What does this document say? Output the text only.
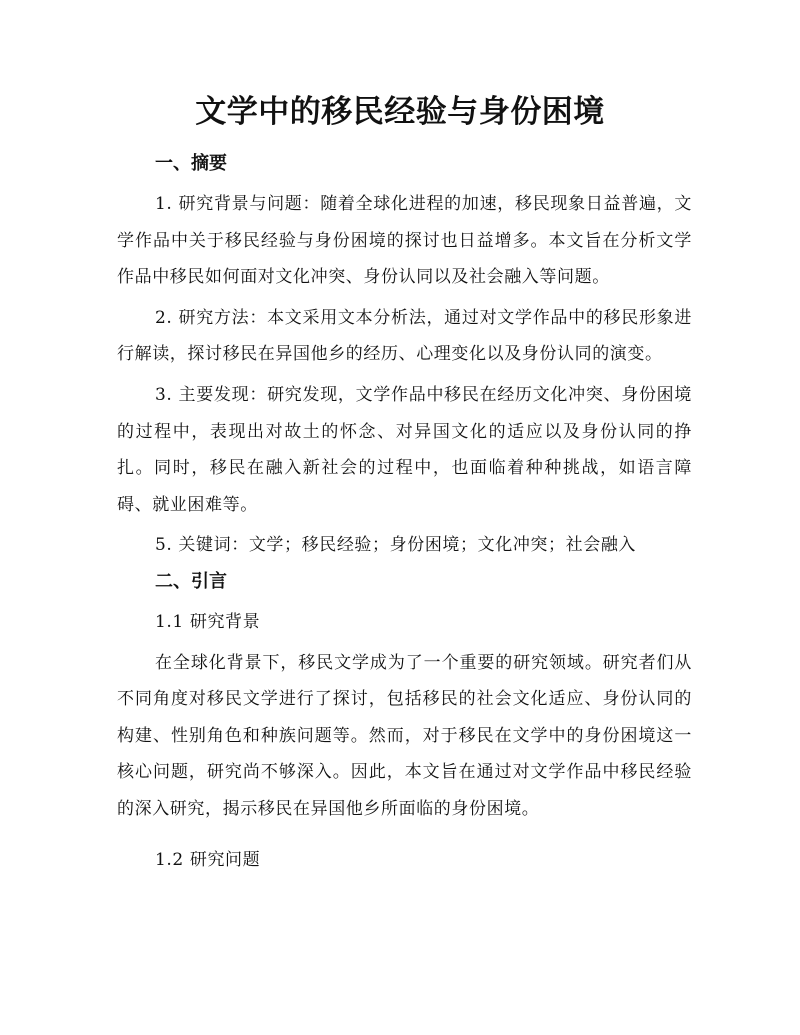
文学中的移民经验与身份困境
一、摘要

1. 研究背景与问题：随着全球化进程的加速，移民现象日益普遍，文学作品中关于移民经验与身份困境的探讨也日益增多。本文旨在分析文学作品中移民如何面对文化冲突、身份认同以及社会融入等问题。

2. 研究方法：本文采用文本分析法，通过对文学作品中的移民形象进行解读，探讨移民在异国他乡的经历、心理变化以及身份认同的演变。

3. 主要发现：研究发现，文学作品中移民在经历文化冲突、身份困境的过程中，表现出对故土的怀念、对异国文化的适应以及身份认同的挣扎。同时，移民在融入新社会的过程中，也面临着种种挑战，如语言障碍、就业困难等。

5. 关键词：文学；移民经验；身份困境；文化冲突；社会融入

二、引言

1.1 研究背景

在全球化背景下，移民文学成为了一个重要的研究领域。研究者们从不同角度对移民文学进行了探讨，包括移民的社会文化适应、身份认同的构建、性别角色和种族问题等。然而，对于移民在文学中的身份困境这一核心问题，研究尚不够深入。因此，本文旨在通过对文学作品中移民经验的深入研究，揭示移民在异国他乡所面临的身份困境。

1.2 研究问题
